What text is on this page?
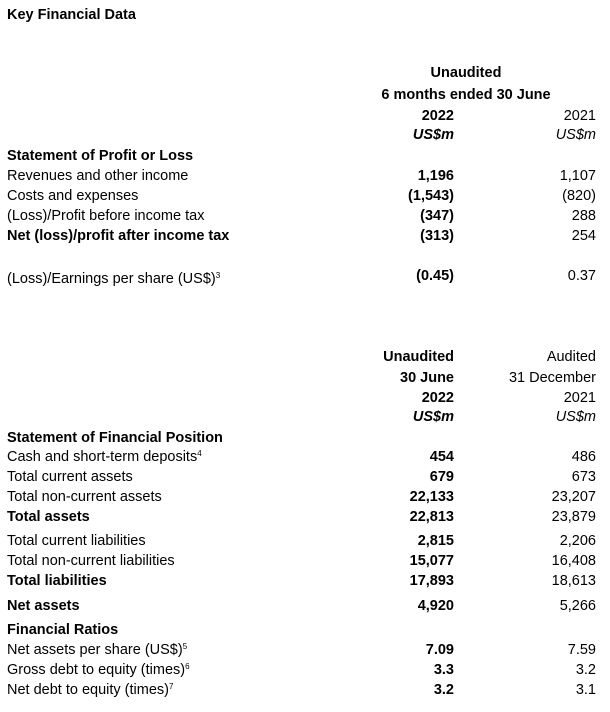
Key Financial Data
Unaudited
6 months ended 30 June
2022	2021
US$m	US$m
Statement of Profit or Loss
Revenues and other income	1,196	1,107
Costs and expenses	(1,543)	(820)
(Loss)/Profit before income tax	(347)	288
Net (loss)/profit after income tax	(313)	254
(Loss)/Earnings per share (US$)$^3$	(0.45)	0.37
Unaudited	Audited
30 June	31 December
2022	2021
US$m	US$m
Statement of Financial Position
Cash and short-term deposits$^4$	454	486
Total current assets	679	673
Total non-current assets	22,133	23,207
Total assets	22,813	23,879
Total current liabilities	2,815	2,206
Total non-current liabilities	15,077	16,408
Total liabilities	17,893	18,613
Net assets	4,920	5,266
Financial Ratios
Net assets per share (US$)$^5$	7.09	7.59
Gross debt to equity (times)$^6$	3.3	3.2
Net debt to equity (times)$^7$	3.2	3.1
